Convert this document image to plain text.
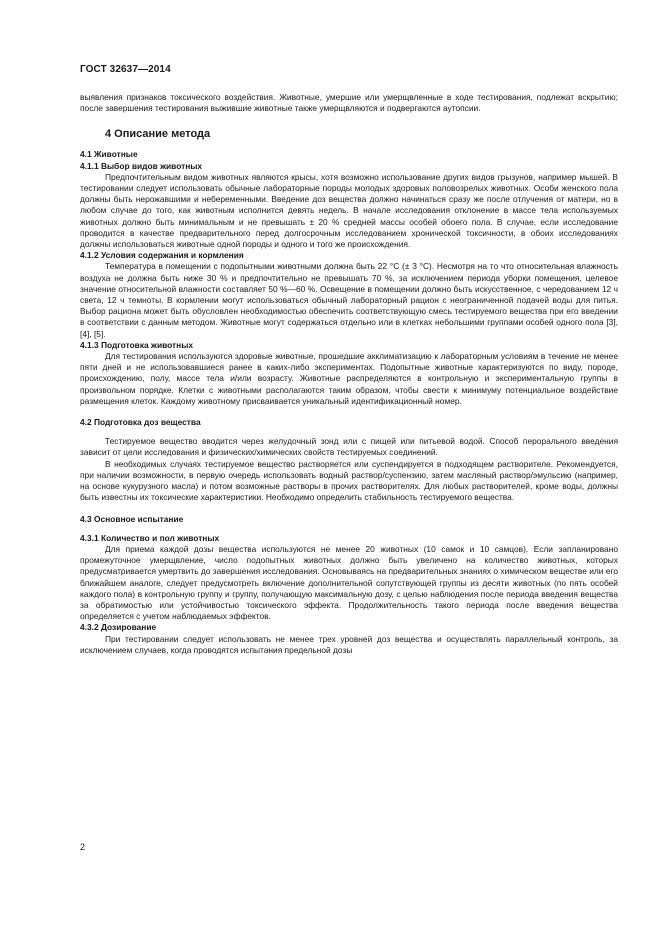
ГОСТ 32637—2014

выявления признаков токсического воздействия. Животные, умершие или умерщвленные в ходе тестирования, подлежат вскрытию; после завершения тестирования выжившие животные также умерщвляются и подвергаются аутопсии.

4 Описание метода

4.1 Животные

4.1.1 Выбор видов животных

Предпочтительным видом животных являются крысы, хотя возможно использование других видов грызунов, например мышей. В тестировании следует использовать обычные лабораторные породы молодых здоровых половозрелых животных. Особи женского пола должны быть нерожавшими и небеременными. Введение доз вещества должно начинаться сразу же после отлучения от матери, но в любом случае до того, как животным исполнится девять недель. В начале исследования отклонение в массе тела используемых животных должно быть минимальным и не превышать ± 20 % средней массы особей обоего пола. В случае, если исследование проводится в качестве предварительного перед долгосрочным исследованием хронической токсичности, в обоих исследованиях должны использоваться животные одной породы и одного и того же происхождения.

4.1.2 Условия содержания и кормления

Температура в помещении с подопытными животными должна быть 22 °С (± 3 °С). Несмотря на то что относительная влажность воздуха не должна быть ниже 30 % и предпочтительно не превышать 70 %, за исключением периода уборки помещения, целевое значение относительной влажности составляет 50 %—60 %. Освещение в помещении должно быть искусственное, с чередованием 12 ч света, 12 ч темноты. В кормлении могут использоваться обычный лабораторный рацион с неограниченной подачей воды для питья. Выбор рациона может быть обусловлен необходимостью обеспечить соответствующую смесь тестируемого вещества при его введении в соответствии с данным методом. Животные могут содержаться отдельно или в клетках небольшими группами особей одного пола [3], [4], [5].

4.1.3 Подготовка животных

Для тестирования используются здоровые животные, прошедшие акклиматизацию к лабораторным условиям в течение не менее пяти дней и не использовавшиеся ранее в каких-либо экспериментах. Подопытные животные характеризуются по виду, породе, происхождению, полу, массе тела и/или возрасту. Животные распределяются в контрольную и экспериментальную группы в произвольном порядке. Клетки с животными располагаются таким образом, чтобы свести к минимуму потенциальное воздействие размещения клеток. Каждому животному присваивается уникальный идентификационный номер.

4.2 Подготовка доз вещества

Тестируемое вещество вводится через желудочный зонд или с пищей или питьевой водой. Способ перорального введения зависит от цели исследования и физических/химических свойств тестируемых соединений.

В необходимых случаях тестируемое вещество растворяется или суспендируется в подходящем растворителе. Рекомендуется, при наличии возможности, в первую очередь использовать водный раствор/суспензию, затем масляный раствор/эмульсию (например, на основе кукурузного масла) и потом возможные растворы в прочих растворителях. Для любых растворителей, кроме воды, должны быть известны их токсические характеристики. Необходимо определить стабильность тестируемого вещества.

4.3 Основное испытание

4.3.1 Количество и пол животных

Для приема каждой дозы вещества используются не менее 20 животных (10 самок и 10 самцов). Если запланировано промежуточное умерщвление, число подопытных животных должно быть увеличено на количество животных, которых предусматривается умертвить до завершения исследования. Основываясь на предварительных знаниях о химическом веществе или его ближайшем аналоге, следует предусмотреть включение дополнительной сопутствующей группы из десяти животных (по пять особей каждого пола) в контрольную группу и группу, получающую максимальную дозу, с целью наблюдения после периода введения вещества за обратимостью или устойчивостью токсического эффекта. Продолжительность такого периода после введения вещества определяется с учетом наблюдаемых эффектов.

4.3.2 Дозирование

При тестировании следует использовать не менее трех уровней доз вещества и осуществлять параллельный контроль, за исключением случаев, когда проводятся испытания предельной дозы

2
